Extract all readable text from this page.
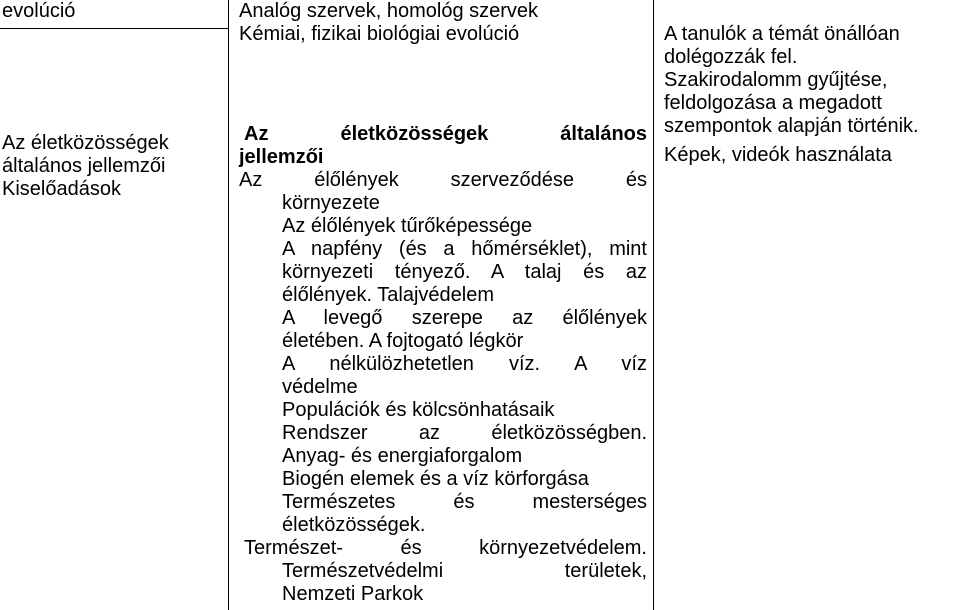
evolúció
Az életközösségek
általános jellemzői
Kiselőadások
Analóg szervek, homológ szervek
Kémiai, fizikai biológiai evolúció
Az életközösségek általános
jellemzői
Az élőlények szerveződése és
környezete
Az élőlények tűrőképessége
A napfény (és a hőmérséklet), mint
környezeti tényező. A talaj és az
élőlények. Talajvédelem
A levegő szerepe az élőlények
életében. A fojtogató légkör
A nélkülözhetetlen víz. A víz
védelme
Populációk és kölcsönhatásaik
Rendszer az életközösségben.
Anyag- és energiaforgalom
Biogén elemek és a víz körforgása
Természetes és mesterséges
életközösségek.
Természet- és környezetvédelem.
Természetvédelmi területek,
Nemzeti Parkok
A tanulók a témát önállóan
dolégozzák fel.
Szakirodalomm gyűjtése,
feldolgozása a megadott
szempontok alapján történik.
Képek, videók használata
